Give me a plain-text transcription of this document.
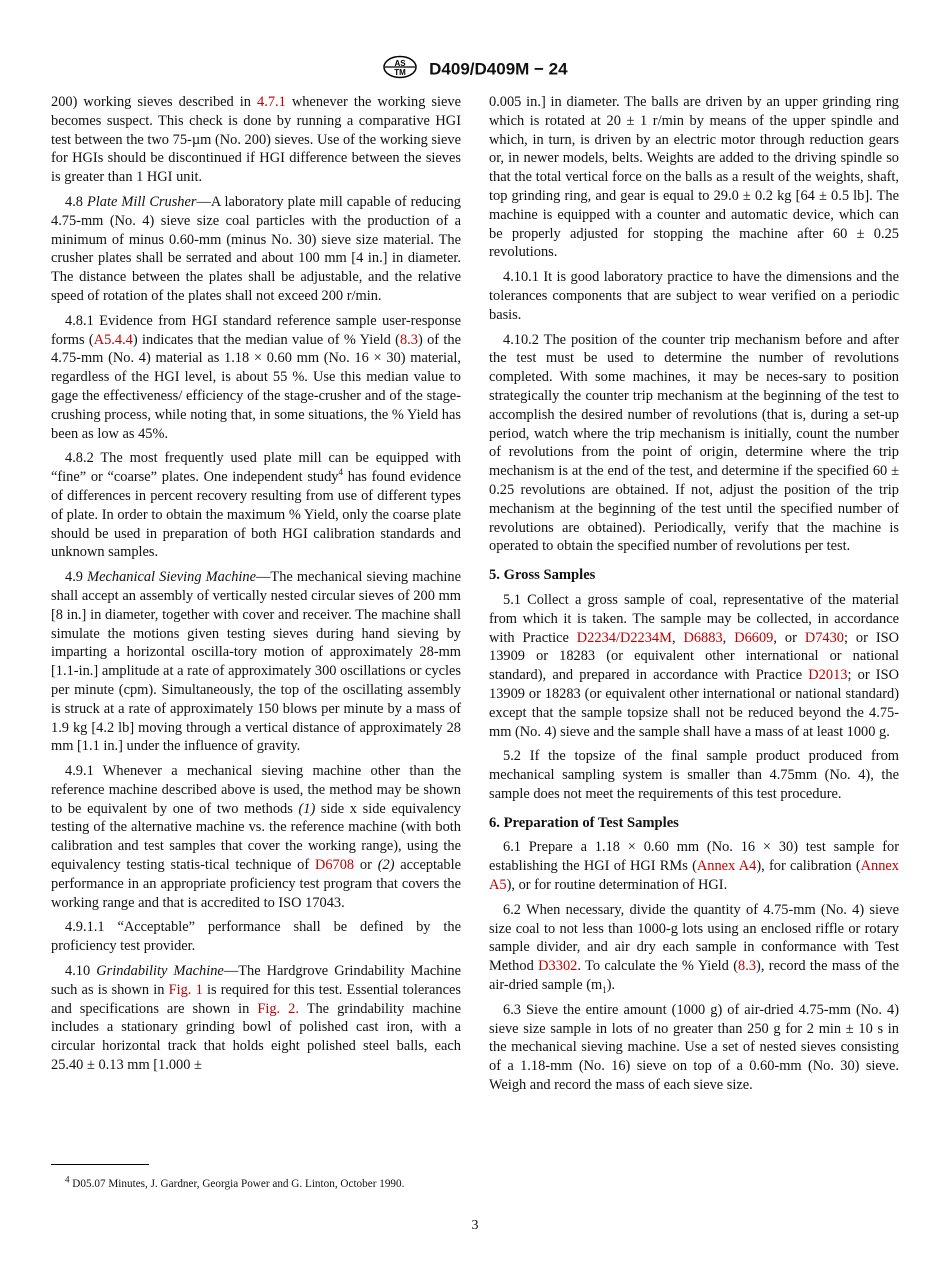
AS
TM D409/D409M − 24

200) working sieves described in 4.7.1 whenever the working sieve becomes suspect. This check is done by running a comparative HGI test between the two 75-µm (No. 200) sieves. Use of the working sieve for HGIs should be discontinued if HGI difference between the sieves is greater than 1 HGI unit.

4.8 Plate Mill Crusher—A laboratory plate mill capable of reducing 4.75-mm (No. 4) sieve size coal particles with the production of a minimum of minus 0.60-mm (minus No. 30) sieve size material. The crusher plates shall be serrated and about 100 mm [4 in.] in diameter. The distance between the plates shall be adjustable, and the relative speed of rotation of the plates shall not exceed 200 r/min.

4.8.1 Evidence from HGI standard reference sample user-response forms (A5.4.4) indicates that the median value of % Yield (8.3) of the 4.75-mm (No. 4) material as 1.18 × 0.60 mm (No. 16 × 30) material, regardless of the HGI level, is about 55 %. Use this median value to gage the effectiveness/ efficiency of the stage-crusher and of the stage-crushing process, while noting that, in some situations, the % Yield has been as low as 45%.

4.8.2 The most frequently used plate mill can be equipped with “fine” or “coarse” plates. One independent study$^4$ has found evidence of differences in percent recovery resulting from use of different types of plate. In order to obtain the maximum % Yield, only the coarse plate should be used in preparation of both HGI calibration standards and unknown samples.

4.9 Mechanical Sieving Machine—The mechanical sieving machine shall accept an assembly of vertically nested circular sieves of 200 mm [8 in.] in diameter, together with cover and receiver. The machine shall simulate the motions given testing sieves during hand sieving by imparting a horizontal oscilla-tory motion of approximately 28-mm [1.1-in.] amplitude at a rate of approximately 300 oscillations or cycles per minute (cpm). Simultaneously, the top of the oscillating assembly is struck at a rate of approximately 150 blows per minute by a mass of 1.9 kg [4.2 lb] moving through a vertical distance of approximately 28 mm [1.1 in.] under the influence of gravity.

4.9.1 Whenever a mechanical sieving machine other than the reference machine described above is used, the method may be shown to be equivalent by one of two methods (1) side x side equivalency testing of the alternative machine vs. the reference machine (with both calibration and test samples that cover the working range), using the equivalency testing statis-tical technique of D6708 or (2) acceptable performance in an appropriate proficiency test program that covers the working range and that is accredited to ISO 17043.

4.9.1.1 “Acceptable” performance shall be defined by the proficiency test provider.

4.10 Grindability Machine—The Hardgrove Grindability Machine such as is shown in Fig. 1 is required for this test. Essential tolerances and specifications are shown in Fig. 2. The grindability machine includes a stationary grinding bowl of polished cast iron, with a circular horizontal track that holds eight polished steel balls, each 25.40 ± 0.13 mm [1.000 ±

0.005 in.] in diameter. The balls are driven by an upper grinding ring which is rotated at 20 ± 1 r/min by means of the upper spindle and which, in turn, is driven by an electric motor through reduction gears or, in newer models, belts. Weights are added to the driving spindle so that the total vertical force on the balls as a result of the weights, shaft, top grinding ring, and gear is equal to 29.0 ± 0.2 kg [64 ± 0.5 lb]. The machine is equipped with a counter and automatic device, which can be properly adjusted for stopping the machine after 60 ± 0.25 revolutions.

4.10.1 It is good laboratory practice to have the dimensions and the tolerances components that are subject to wear verified on a periodic basis.

4.10.2 The position of the counter trip mechanism before and after the test must be used to determine the number of revolutions completed. With some machines, it may be neces-sary to position strategically the counter trip mechanism at the beginning of the test to accomplish the desired number of revolutions (that is, during a set-up period, watch where the trip mechanism is initially, count the number of revolutions from the point of origin, determine where the trip mechanism is at the end of the test, and determine if the specified 60 ± 0.25 revolutions are obtained. If not, adjust the position of the trip mechanism at the beginning of the test until the specified number of revolutions are obtained). Periodically, verify that the machine is operated to obtain the specified number of revolutions per test.

5. Gross Samples

5.1 Collect a gross sample of coal, representative of the material from which it is taken. The sample may be collected, in accordance with Practice D2234/D2234M, D6883, D6609, or D7430; or ISO 13909 or 18283 (or equivalent other international or national standard), and prepared in accordance with Practice D2013; or ISO 13909 or 18283 (or equivalent other international or national standard) except that the sample topsize shall not be reduced beyond the 4.75-mm (No. 4) sieve and the sample shall have a mass of at least 1000 g.

5.2 If the topsize of the final sample product produced from mechanical sampling system is smaller than 4.75mm (No. 4), the sample does not meet the requirements of this test procedure.

6. Preparation of Test Samples

6.1 Prepare a 1.18 × 0.60 mm (No. 16 × 30) test sample for establishing the HGI of HGI RMs (Annex A4), for calibration (Annex A5), or for routine determination of HGI.

6.2 When necessary, divide the quantity of 4.75-mm (No. 4) sieve size coal to not less than 1000-g lots using an enclosed riffle or rotary sample divider, and air dry each sample in conformance with Test Method D3302. To calculate the % Yield (8.3), record the mass of the air-dried sample $(m_1)$.

6.3 Sieve the entire amount (1000 g) of air-dried 4.75-mm (No. 4) sieve size sample in lots of no greater than 250 g for 2 min ± 10 s in the mechanical sieving machine. Use a set of nested sieves consisting of a 1.18-mm (No. 16) sieve on top of a 0.60-mm (No. 30) sieve. Weigh and record the mass of each sieve size.

$^4$ D05.07 Minutes, J. Gardner, Georgia Power and G. Linton, October 1990.
3
